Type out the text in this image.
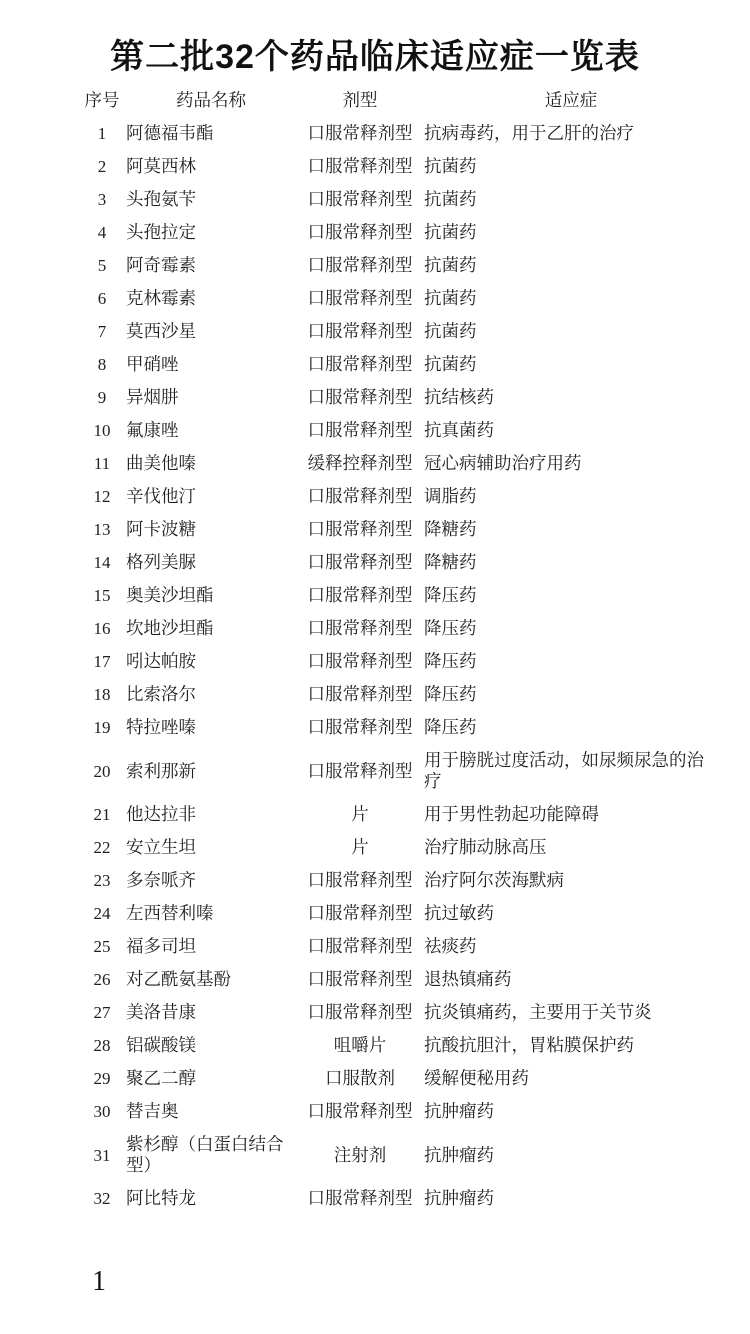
第二批32个药品临床适应症一览表
序号	药品名称	剂型	适应症
1	阿德福韦酯	口服常释剂型	抗病毒药，用于乙肝的治疗
2	阿莫西林	口服常释剂型	抗菌药
3	头孢氨苄	口服常释剂型	抗菌药
4	头孢拉定	口服常释剂型	抗菌药
5	阿奇霉素	口服常释剂型	抗菌药
6	克林霉素	口服常释剂型	抗菌药
7	莫西沙星	口服常释剂型	抗菌药
8	甲硝唑	口服常释剂型	抗菌药
9	异烟肼	口服常释剂型	抗结核药
10	氟康唑	口服常释剂型	抗真菌药
11	曲美他嗪	缓释控释剂型	冠心病辅助治疗用药
12	辛伐他汀	口服常释剂型	调脂药
13	阿卡波糖	口服常释剂型	降糖药
14	格列美脲	口服常释剂型	降糖药
15	奥美沙坦酯	口服常释剂型	降压药
16	坎地沙坦酯	口服常释剂型	降压药
17	吲达帕胺	口服常释剂型	降压药
18	比索洛尔	口服常释剂型	降压药
19	特拉唑嗪	口服常释剂型	降压药
20	索利那新	口服常释剂型	用于膀胱过度活动，如尿频尿急的治疗
21	他达拉非	片	用于男性勃起功能障碍
22	安立生坦	片	治疗肺动脉高压
23	多奈哌齐	口服常释剂型	治疗阿尔茨海默病
24	左西替利嗪	口服常释剂型	抗过敏药
25	福多司坦	口服常释剂型	祛痰药
26	对乙酰氨基酚	口服常释剂型	退热镇痛药
27	美洛昔康	口服常释剂型	抗炎镇痛药，主要用于关节炎
28	铝碳酸镁	咀嚼片	抗酸抗胆汁，胃粘膜保护药
29	聚乙二醇	口服散剂	缓解便秘用药
30	替吉奥	口服常释剂型	抗肿瘤药
31	紫杉醇（白蛋白结合型）	注射剂	抗肿瘤药
32	阿比特龙	口服常释剂型	抗肿瘤药
1
